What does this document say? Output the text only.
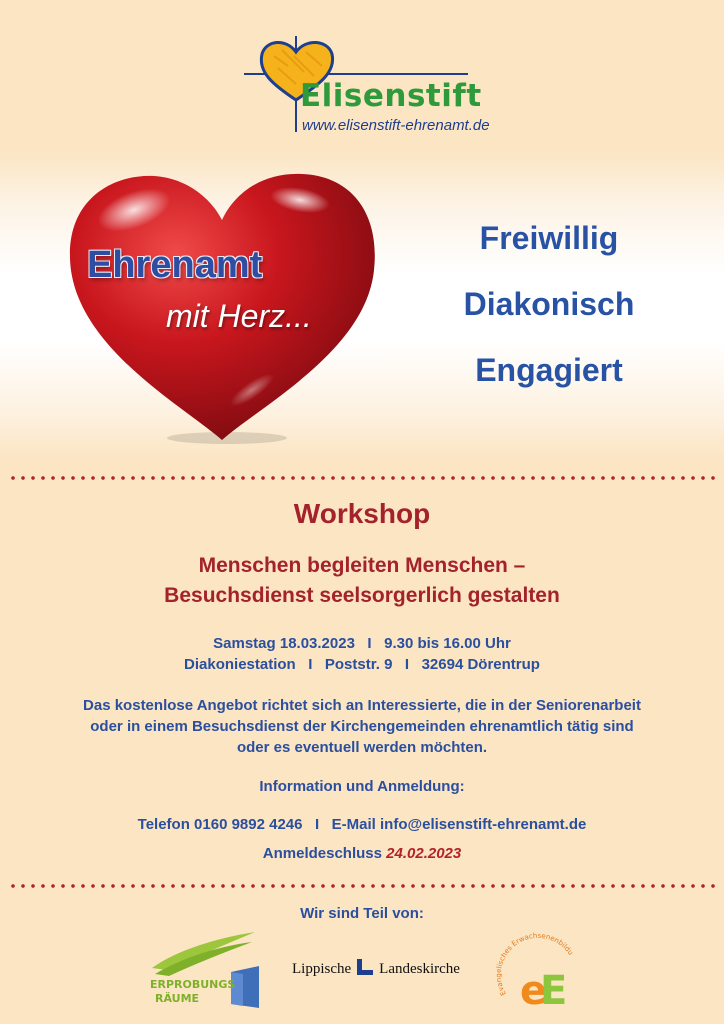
Elisenstift
www.elisenstift-ehrenamt.de
Ehrenamt
mit Herz...
Freiwillig
Diakonisch
Engagiert
Workshop
Menschen begleiten Menschen –
Besuchsdienst seelsorgerlich gestalten
Samstag 18.03.2023   I   9.30 bis 16.00 Uhr
Diakoniestation   I   Poststr. 9   I   32694 Dörentrup
Das kostenlose Angebot richtet sich an Interessierte, die in der Seniorenarbeit
oder in einem Besuchsdienst der Kirchengemeinden ehrenamtlich tätig sind
oder es eventuell werden möchten.
Information und Anmeldung:
Telefon 0160 9892 4246   I   E-Mail info@elisenstift-ehrenamt.de
Anmeldeschluss 24.02.2023
Wir sind Teil von:
ERPROBUNGS
RÄUME
Lippische Landeskirche
Evangelisches Erwachsenenbildu
e
E
